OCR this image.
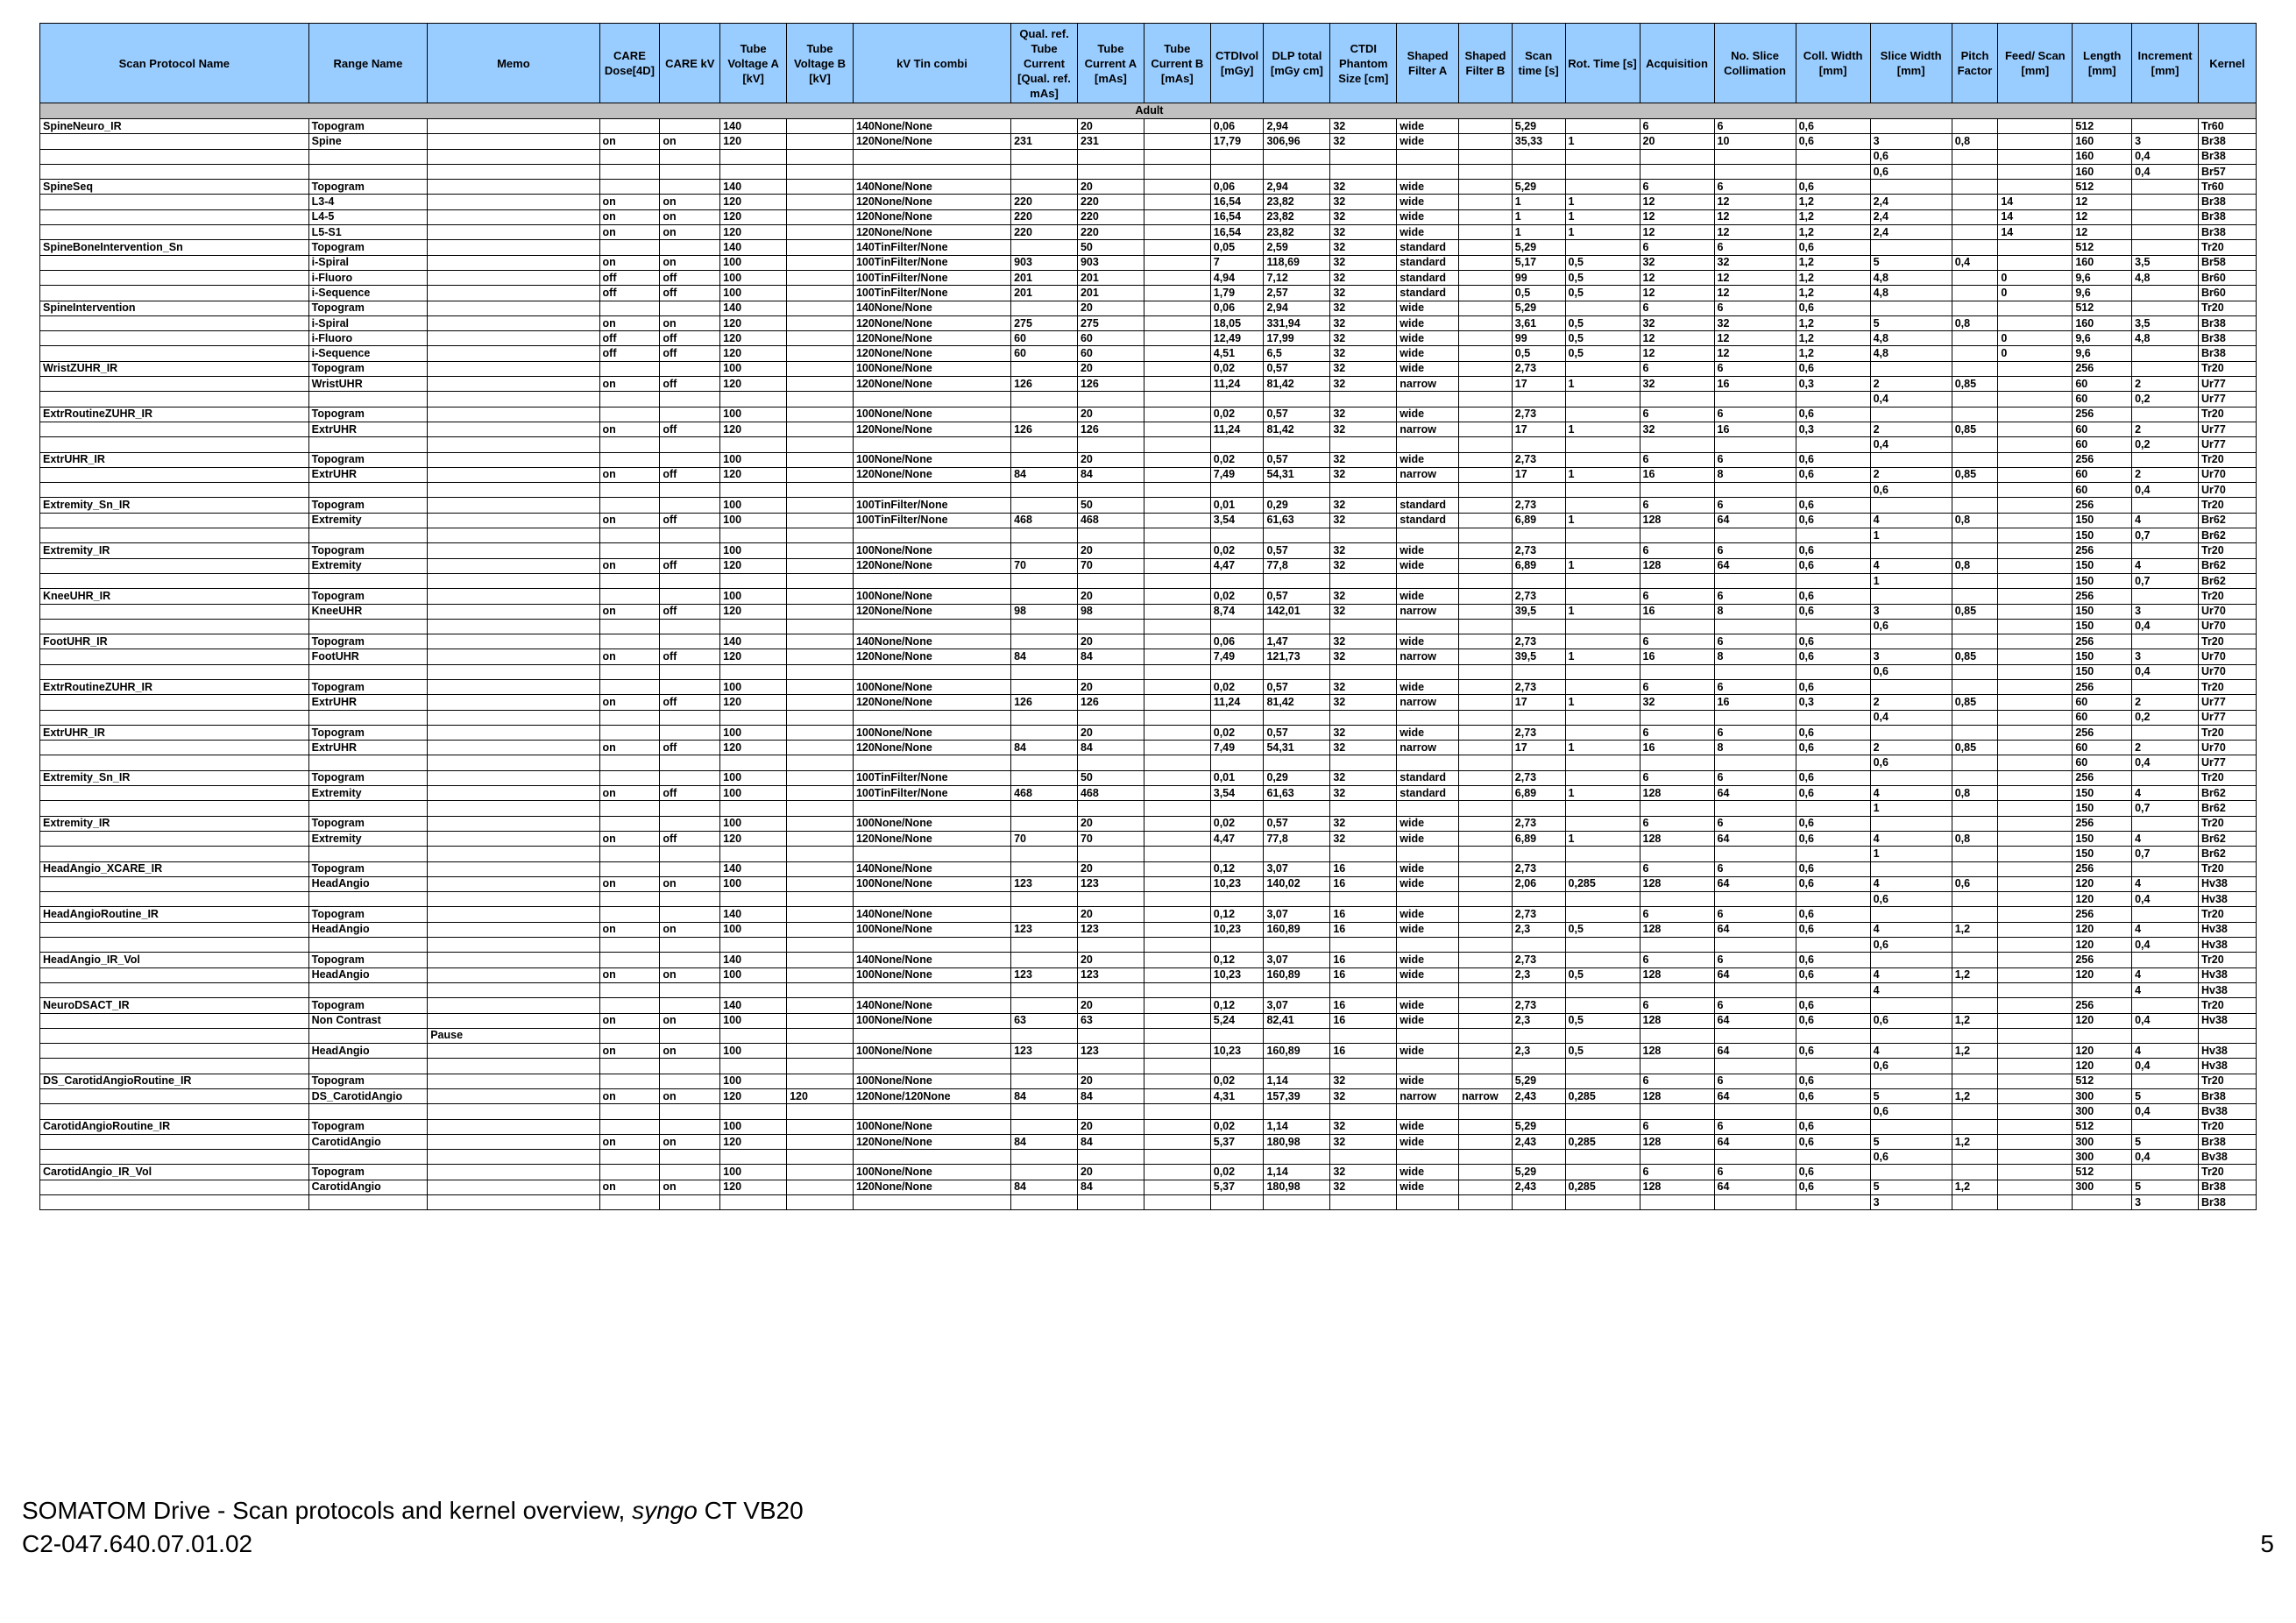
Scan Protocol Name	Range Name	Memo	CARE Dose[4D]	CARE kV	Tube Voltage A [kV]	Tube Voltage B [kV]	kV Tin combi	Qual. ref. Tube Current [Qual. ref. mAs]	Tube Current A [mAs]	Tube Current B [mAs]	CTDIvol [mGy]	DLP total [mGy cm]	CTDI Phantom Size [cm]	Shaped Filter A	Shaped Filter B	Scan time [s]	Rot. Time [s]	Acquisition	No. Slice Collimation	Coll. Width [mm]	Slice Width [mm]	Pitch Factor	Feed/ Scan [mm]	Length [mm]	Increment [mm]	Kernel
Adult																										
SpineNeuro_IR	Topogram				140		140None/None		20		0,06	2,94	32	wide		5,29		6	6	0,6				512		Tr60
	Spine		on	on	120		120None/None	231	231		17,79	306,96	32	wide		35,33	1	20	10	0,6	3	0,8		160	3	Br38
																					0,6			160	0,4	Br38
																					0,6			160	0,4	Br57
SpineSeq	Topogram				140		140None/None		20		0,06	2,94	32	wide		5,29		6	6	0,6				512		Tr60
	L3-4		on	on	120		120None/None	220	220		16,54	23,82	32	wide		1	1	12	12	1,2	2,4		14	12		Br38
	L4-5		on	on	120		120None/None	220	220		16,54	23,82	32	wide		1	1	12	12	1,2	2,4		14	12		Br38
	L5-S1		on	on	120		120None/None	220	220		16,54	23,82	32	wide		1	1	12	12	1,2	2,4		14	12		Br38
SpineBoneIntervention_Sn	Topogram				140		140TinFilter/None		50		0,05	2,59	32	standard		5,29		6	6	0,6				512		Tr20
	i-Spiral		on	on	100		100TinFilter/None	903	903		7	118,69	32	standard		5,17	0,5	32	32	1,2	5	0,4		160	3,5	Br58
	i-Fluoro		off	off	100		100TinFilter/None	201	201		4,94	7,12	32	standard		99	0,5	12	12	1,2	4,8		0	9,6	4,8	Br60
	i-Sequence		off	off	100		100TinFilter/None	201	201		1,79	2,57	32	standard		0,5	0,5	12	12	1,2	4,8		0	9,6		Br60
SpineIntervention	Topogram				140		140None/None		20		0,06	2,94	32	wide		5,29		6	6	0,6				512		Tr20
	i-Spiral		on	on	120		120None/None	275	275		18,05	331,94	32	wide		3,61	0,5	32	32	1,2	5	0,8		160	3,5	Br38
	i-Fluoro		off	off	120		120None/None	60	60		12,49	17,99	32	wide		99	0,5	12	12	1,2	4,8		0	9,6	4,8	Br38
	i-Sequence		off	off	120		120None/None	60	60		4,51	6,5	32	wide		0,5	0,5	12	12	1,2	4,8		0	9,6		Br38
WristZUHR_IR	Topogram				100		100None/None		20		0,02	0,57	32	wide		2,73		6	6	0,6				256		Tr20
	WristUHR		on	off	120		120None/None	126	126		11,24	81,42	32	narrow		17	1	32	16	0,3	2	0,85		60	2	Ur77
																					0,4			60	0,2	Ur77
ExtrRoutineZUHR_IR	Topogram				100		100None/None		20		0,02	0,57	32	wide		2,73		6	6	0,6				256		Tr20
	ExtrUHR		on	off	120		120None/None	126	126		11,24	81,42	32	narrow		17	1	32	16	0,3	2	0,85		60	2	Ur77
																					0,4			60	0,2	Ur77
ExtrUHR_IR	Topogram				100		100None/None		20		0,02	0,57	32	wide		2,73		6	6	0,6				256		Tr20
	ExtrUHR		on	off	120		120None/None	84	84		7,49	54,31	32	narrow		17	1	16	8	0,6	2	0,85		60	2	Ur70
																					0,6			60	0,4	Ur70
Extremity_Sn_IR	Topogram				100		100TinFilter/None		50		0,01	0,29	32	standard		2,73		6	6	0,6				256		Tr20
	Extremity		on	off	100		100TinFilter/None	468	468		3,54	61,63	32	standard		6,89	1	128	64	0,6	4	0,8		150	4	Br62
																					1			150	0,7	Br62
Extremity_IR	Topogram				100		100None/None		20		0,02	0,57	32	wide		2,73		6	6	0,6				256		Tr20
	Extremity		on	off	120		120None/None	70	70		4,47	77,8	32	wide		6,89	1	128	64	0,6	4	0,8		150	4	Br62
																					1			150	0,7	Br62
KneeUHR_IR	Topogram				100		100None/None		20		0,02	0,57	32	wide		2,73		6	6	0,6				256		Tr20
	KneeUHR		on	off	120		120None/None	98	98		8,74	142,01	32	narrow		39,5	1	16	8	0,6	3	0,85		150	3	Ur70
																					0,6			150	0,4	Ur70
FootUHR_IR	Topogram				140		140None/None		20		0,06	1,47	32	wide		2,73		6	6	0,6				256		Tr20
	FootUHR		on	off	120		120None/None	84	84		7,49	121,73	32	narrow		39,5	1	16	8	0,6	3	0,85		150	3	Ur70
																					0,6			150	0,4	Ur70
ExtrRoutineZUHR_IR	Topogram				100		100None/None		20		0,02	0,57	32	wide		2,73		6	6	0,6				256		Tr20
	ExtrUHR		on	off	120		120None/None	126	126		11,24	81,42	32	narrow		17	1	32	16	0,3	2	0,85		60	2	Ur77
																					0,4			60	0,2	Ur77
ExtrUHR_IR	Topogram				100		100None/None		20		0,02	0,57	32	wide		2,73		6	6	0,6				256		Tr20
	ExtrUHR		on	off	120		120None/None	84	84		7,49	54,31	32	narrow		17	1	16	8	0,6	2	0,85		60	2	Ur70
																					0,6			60	0,4	Ur77
Extremity_Sn_IR	Topogram				100		100TinFilter/None		50		0,01	0,29	32	standard		2,73		6	6	0,6				256		Tr20
	Extremity		on	off	100		100TinFilter/None	468	468		3,54	61,63	32	standard		6,89	1	128	64	0,6	4	0,8		150	4	Br62
																					1			150	0,7	Br62
Extremity_IR	Topogram				100		100None/None		20		0,02	0,57	32	wide		2,73		6	6	0,6				256		Tr20
	Extremity		on	off	120		120None/None	70	70		4,47	77,8	32	wide		6,89	1	128	64	0,6	4	0,8		150	4	Br62
																					1			150	0,7	Br62
HeadAngio_XCARE_IR	Topogram				140		140None/None		20		0,12	3,07	16	wide		2,73		6	6	0,6				256		Tr20
	HeadAngio		on	on	100		100None/None	123	123		10,23	140,02	16	wide		2,06	0,285	128	64	0,6	4	0,6		120	4	Hv38
																					0,6			120	0,4	Hv38
HeadAngioRoutine_IR	Topogram				140		140None/None		20		0,12	3,07	16	wide		2,73		6	6	0,6				256		Tr20
	HeadAngio		on	on	100		100None/None	123	123		10,23	160,89	16	wide		2,3	0,5	128	64	0,6	4	1,2		120	4	Hv38
																					0,6			120	0,4	Hv38
HeadAngio_IR_Vol	Topogram				140		140None/None		20		0,12	3,07	16	wide		2,73		6	6	0,6				256		Tr20
	HeadAngio		on	on	100		100None/None	123	123		10,23	160,89	16	wide		2,3	0,5	128	64	0,6	4	1,2		120	4	Hv38
																					4				4	Hv38
NeuroDSACT_IR	Topogram				140		140None/None		20		0,12	3,07	16	wide		2,73		6	6	0,6				256		Tr20
	Non Contrast		on	on	100		100None/None	63	63		5,24	82,41	16	wide		2,3	0,5	128	64	0,6	0,6	1,2		120	0,4	Hv38
		Pause																								
	HeadAngio		on	on	100		100None/None	123	123		10,23	160,89	16	wide		2,3	0,5	128	64	0,6	4	1,2		120	4	Hv38
																					0,6			120	0,4	Hv38
DS_CarotidAngioRoutine_IR	Topogram				100		100None/None		20		0,02	1,14	32	wide		5,29		6	6	0,6				512		Tr20
	DS_CarotidAngio		on	on	120	120	120None/120None	84	84		4,31	157,39	32	narrow	narrow	2,43	0,285	128	64	0,6	5	1,2		300	5	Br38
																					0,6			300	0,4	Bv38
CarotidAngioRoutine_IR	Topogram				100		100None/None		20		0,02	1,14	32	wide		5,29		6	6	0,6				512		Tr20
	CarotidAngio		on	on	120		120None/None	84	84		5,37	180,98	32	wide		2,43	0,285	128	64	0,6	5	1,2		300	5	Br38
																					0,6			300	0,4	Bv38
CarotidAngio_IR_Vol	Topogram				100		100None/None		20		0,02	1,14	32	wide		5,29		6	6	0,6				512		Tr20
	CarotidAngio		on	on	120		120None/None	84	84		5,37	180,98	32	wide		2,43	0,285	128	64	0,6	5	1,2		300	5	Br38
																					3				3	Br38
SOMATOM Drive - Scan protocols and kernel overview, syngo CT VB20
C2-047.640.07.01.02	5
